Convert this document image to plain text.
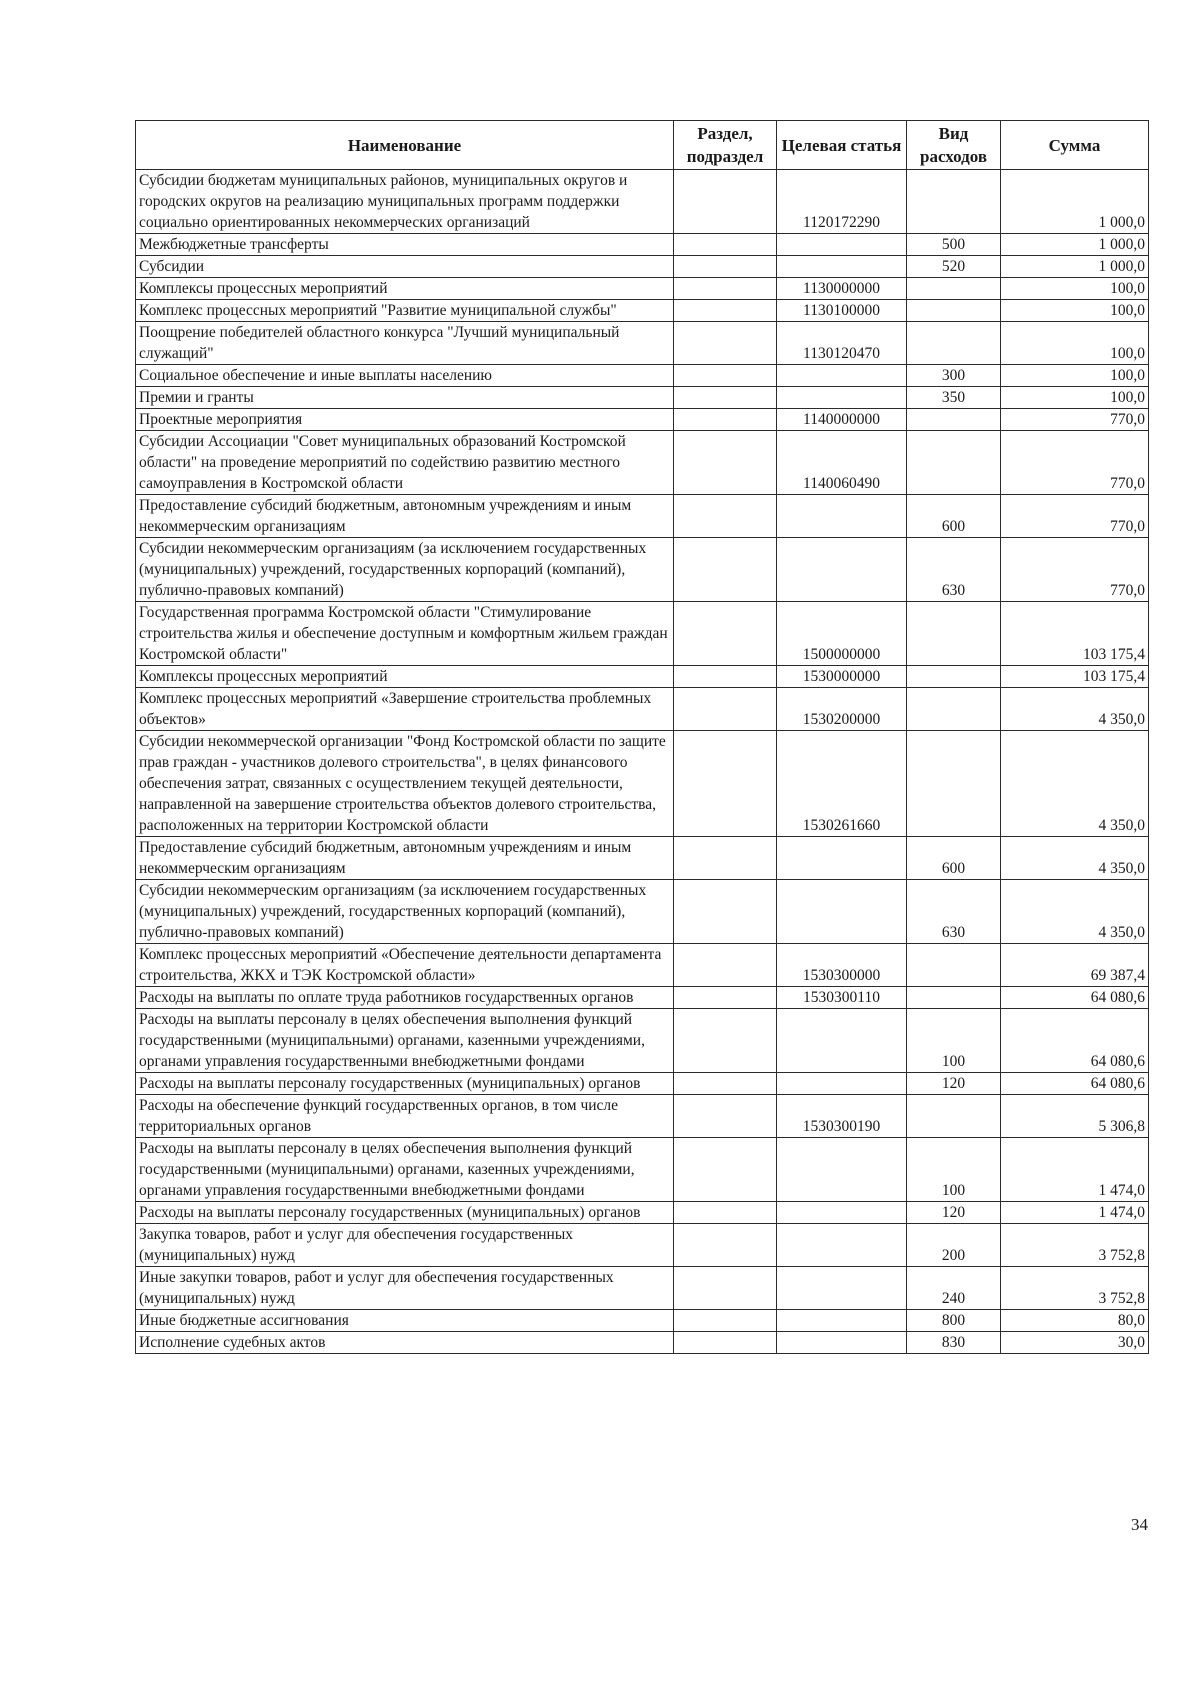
Наименование	Раздел, подраздел	Целевая статья	Вид расходов	Сумма
Субсидии бюджетам муниципальных районов, муниципальных округов и городских округов на реализацию муниципальных программ поддержки социально ориентированных некоммерческих организаций		1120172290		1 000,0
Межбюджетные трансферты			500	1 000,0
Субсидии			520	1 000,0
Комплексы процессных мероприятий		1130000000		100,0
Комплекс процессных мероприятий "Развитие муниципальной службы"		1130100000		100,0
Поощрение победителей областного конкурса "Лучший муниципальный служащий"		1130120470		100,0
Социальное обеспечение и иные выплаты населению			300	100,0
Премии и гранты			350	100,0
Проектные мероприятия		1140000000		770,0
Субсидии Ассоциации "Совет муниципальных образований Костромской области" на проведение мероприятий по содействию развитию местного самоуправления в Костромской области		1140060490		770,0
Предоставление субсидий бюджетным, автономным учреждениям и иным некоммерческим организациям			600	770,0
Субсидии некоммерческим организациям (за исключением государственных (муниципальных) учреждений, государственных корпораций (компаний), публично-правовых компаний)			630	770,0
Государственная программа Костромской области "Стимулирование строительства жилья и обеспечение доступным и комфортным жильем граждан Костромской области"		1500000000		103 175,4
Комплексы процессных мероприятий		1530000000		103 175,4
Комплекс процессных мероприятий «Завершение строительства проблемных объектов»		1530200000		4 350,0
Субсидии некоммерческой организации "Фонд Костромской области по защите прав граждан - участников долевого строительства", в целях финансового обеспечения затрат, связанных с осуществлением текущей деятельности, направленной на завершение строительства объектов долевого строительства, расположенных на территории Костромской области		1530261660		4 350,0
Предоставление субсидий бюджетным, автономным учреждениям и иным некоммерческим организациям			600	4 350,0
Субсидии некоммерческим организациям (за исключением государственных (муниципальных) учреждений, государственных корпораций (компаний), публично-правовых компаний)			630	4 350,0
Комплекс процессных мероприятий «Обеспечение деятельности департамента строительства, ЖКХ и ТЭК Костромской области»		1530300000		69 387,4
Расходы на выплаты по оплате труда работников государственных органов		1530300110		64 080,6
Расходы на выплаты персоналу в целях обеспечения выполнения функций государственными (муниципальными) органами, казенными учреждениями, органами управления государственными внебюджетными фондами			100	64 080,6
Расходы на выплаты персоналу государственных (муниципальных) органов			120	64 080,6
Расходы на обеспечение функций государственных органов, в том числе территориальных органов		1530300190		5 306,8
Расходы на выплаты персоналу в целях обеспечения выполнения функций государственными (муниципальными) органами, казенных учреждениями, органами управления государственными внебюджетными фондами			100	1 474,0
Расходы на выплаты персоналу государственных (муниципальных) органов			120	1 474,0
Закупка товаров, работ и услуг для обеспечения государственных (муниципальных) нужд			200	3 752,8
Иные закупки товаров, работ и услуг для обеспечения государственных (муниципальных) нужд			240	3 752,8
Иные бюджетные ассигнования			800	80,0
Исполнение судебных актов			830	30,0
34
